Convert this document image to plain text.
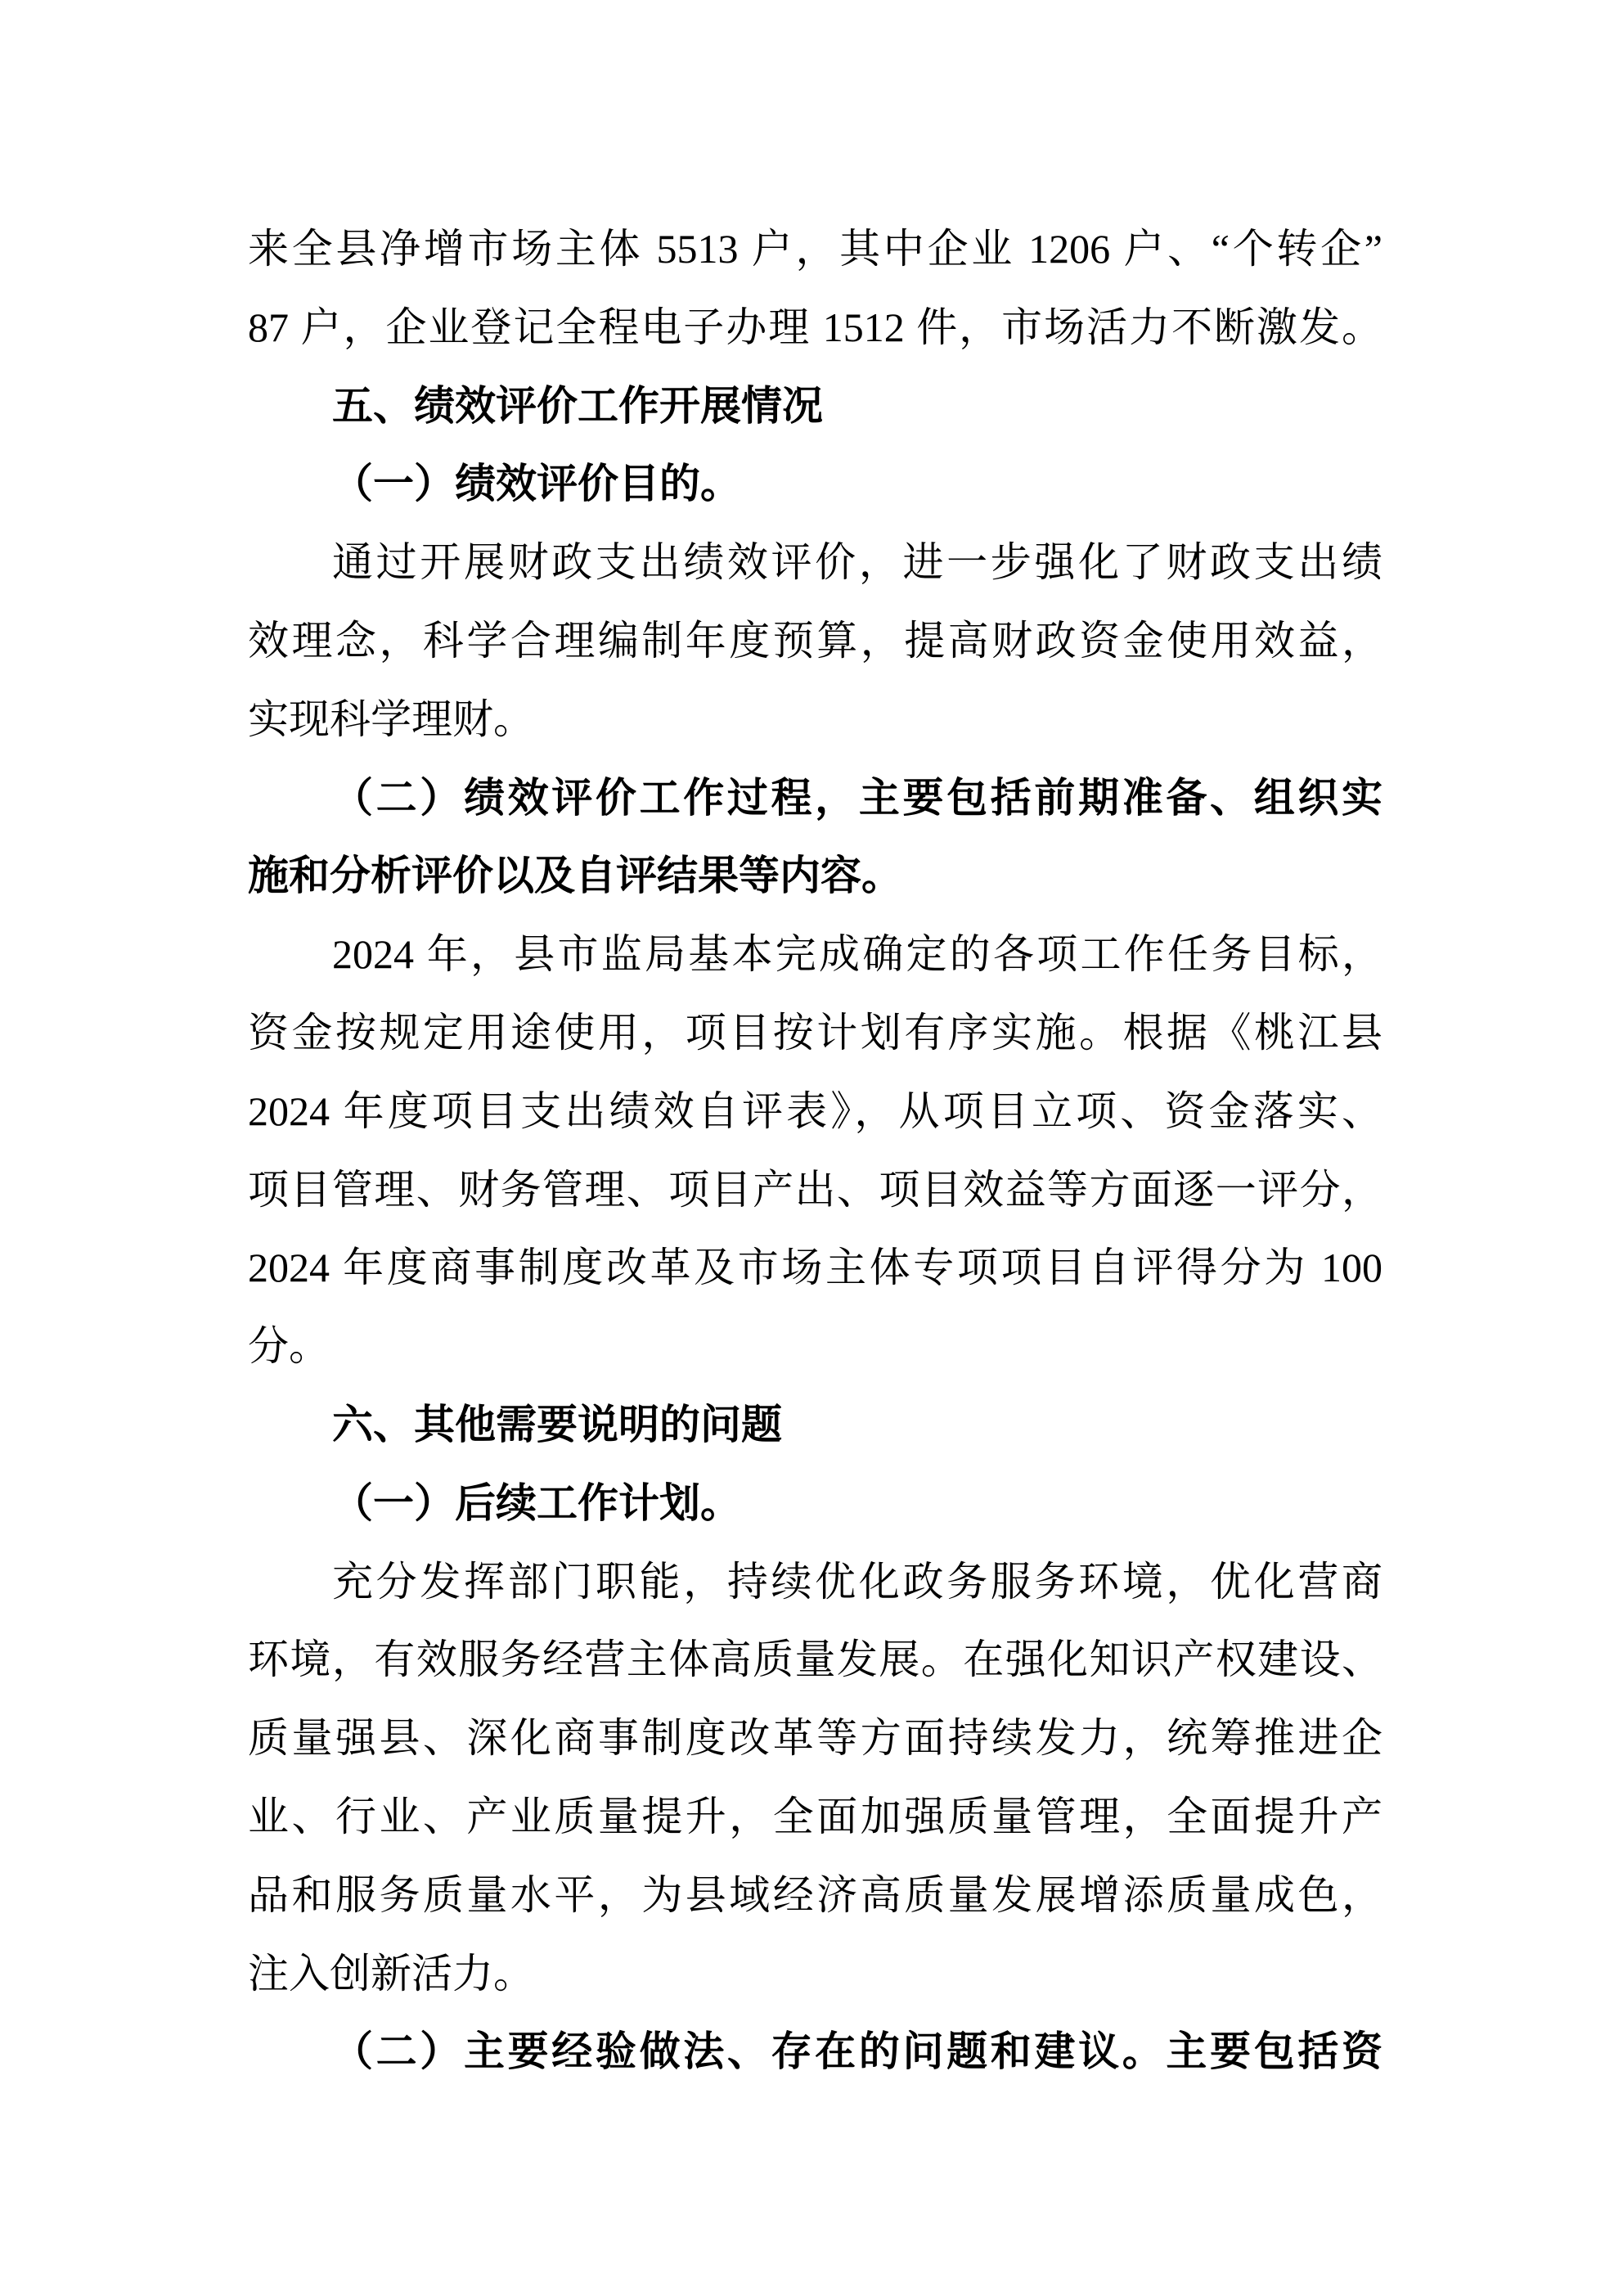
来全县净增市场主体 5513 户，其中企业 1206 户、“个转企”
87 户，企业登记全程电子办理 1512 件，市场活力不断激发。
五、绩效评价工作开展情况
（一）绩效评价目的。
通过开展财政支出绩效评价，进一步强化了财政支出绩
效理念，科学合理编制年度预算，提高财政资金使用效益，
实现科学理财。
（二）绩效评价工作过程，主要包括前期准备、组织实
施和分析评价以及自评结果等内容。
2024 年，县市监局基本完成确定的各项工作任务目标，
资金按规定用途使用，项目按计划有序实施。根据《桃江县
2024 年度项目支出绩效自评表》，从项目立项、资金落实、
项目管理、财务管理、项目产出、项目效益等方面逐一评分，
2024 年度商事制度改革及市场主体专项项目自评得分为 100
分。
六、其他需要说明的问题
（一）后续工作计划。
充分发挥部门职能，持续优化政务服务环境，优化营商
环境，有效服务经营主体高质量发展。在强化知识产权建设、
质量强县、深化商事制度改革等方面持续发力，统筹推进企
业、行业、产业质量提升，全面加强质量管理，全面提升产
品和服务质量水平，为县域经济高质量发展增添质量成色，
注入创新活力。
（二）主要经验做法、存在的问题和建议。主要包括资
